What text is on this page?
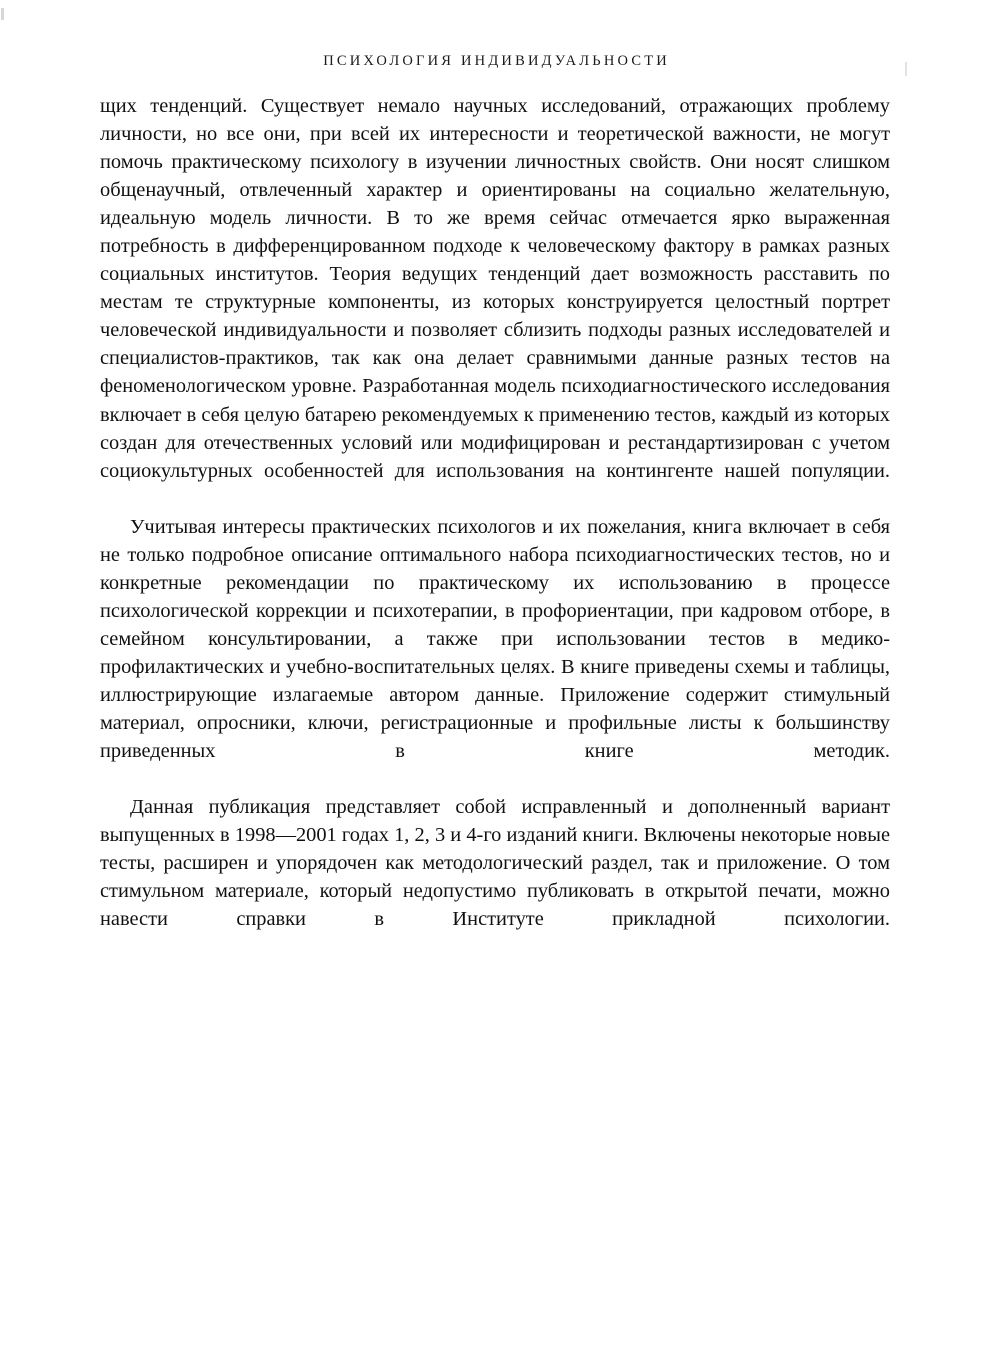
ПСИХОЛОГИЯ ИНДИВИДУАЛЬНОСТИ

щих тенденций. Существует немало научных исследований, отражающих проблему личности, но все они, при всей их интересности и теоретической важности, не могут помочь практическому психологу в изучении личностных свойств. Они носят слишком общенаучный, отвлеченный характер и ориентированы на социально желательную, идеальную модель личности. В то же время сейчас отмечается ярко выраженная потребность в дифференцированном подходе к человеческому фактору в рамках разных социальных институтов. Теория ведущих тенденций дает возможность расставить по местам те структурные компоненты, из которых конструируется целостный портрет человеческой индивидуальности и позволяет сблизить подходы разных исследователей и специалистов-практиков, так как она делает сравнимыми данные разных тестов на феноменологическом уровне. Разработанная модель психодиагностического исследования включает в себя целую батарею рекомендуемых к применению тестов, каждый из которых создан для отечественных условий или модифицирован и рестандартизирован с учетом социокультурных особенностей для использования на контингенте нашей популяции.

Учитывая интересы практических психологов и их пожелания, книга включает в себя не только подробное описание оптимального набора психодиагностических тестов, но и конкретные рекомендации по практическому их использованию в процессе психологической коррекции и психотерапии, в профориентации, при кадровом отборе, в семейном консультировании, а также при использовании тестов в медико-профилактических и учебно-воспитательных целях. В книге приведены схемы и таблицы, иллюстрирующие излагаемые автором данные. Приложение содержит стимульный материал, опросники, ключи, регистрационные и профильные листы к большинству приведенных в книге методик.

Данная публикация представляет собой исправленный и дополненный вариант выпущенных в 1998—2001 годах 1, 2, 3 и 4-го изданий книги. Включены некоторые новые тесты, расширен и упорядочен как методологический раздел, так и приложение. О том стимульном материале, который недопустимо публиковать в открытой печати, можно навести справки в Институте прикладной психологии.
